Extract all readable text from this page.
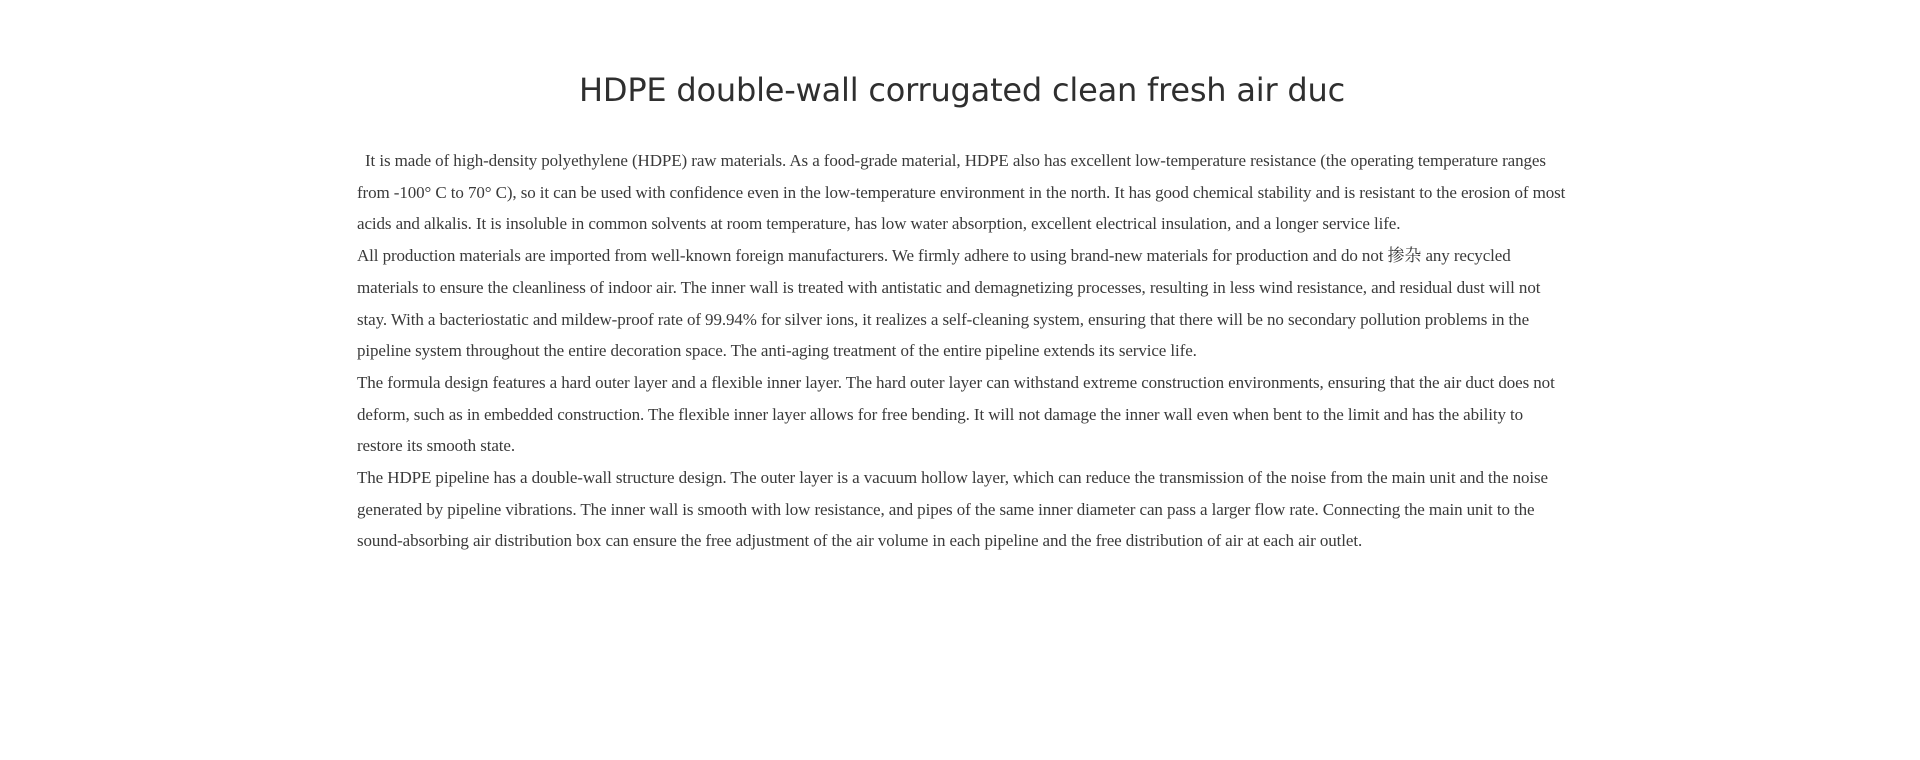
HDPE double-wall corrugated clean fresh air duc

It is made of high-density polyethylene (HDPE) raw materials. As a food-grade material, HDPE also has excellent low-temperature resistance (the operating temperature ranges from -100° C to 70° C), so it can be used with confidence even in the low-temperature environment in the north. It has good chemical stability and is resistant to the erosion of most acids and alkalis. It is insoluble in common solvents at room temperature, has low water absorption, excellent electrical insulation, and a longer service life.

All production materials are imported from well-known foreign manufacturers. We firmly adhere to using brand-new materials for production and do not 掺杂 any recycled materials to ensure the cleanliness of indoor air. The inner wall is treated with antistatic and demagnetizing processes, resulting in less wind resistance, and residual dust will not stay. With a bacteriostatic and mildew-proof rate of 99.94% for silver ions, it realizes a self-cleaning system, ensuring that there will be no secondary pollution problems in the pipeline system throughout the entire decoration space. The anti-aging treatment of the entire pipeline extends its service life.

The formula design features a hard outer layer and a flexible inner layer. The hard outer layer can withstand extreme construction environments, ensuring that the air duct does not deform, such as in embedded construction. The flexible inner layer allows for free bending. It will not damage the inner wall even when bent to the limit and has the ability to restore its smooth state.

The HDPE pipeline has a double-wall structure design. The outer layer is a vacuum hollow layer, which can reduce the transmission of the noise from the main unit and the noise generated by pipeline vibrations. The inner wall is smooth with low resistance, and pipes of the same inner diameter can pass a larger flow rate. Connecting the main unit to the sound-absorbing air distribution box can ensure the free adjustment of the air volume in each pipeline and the free distribution of air at each air outlet.
